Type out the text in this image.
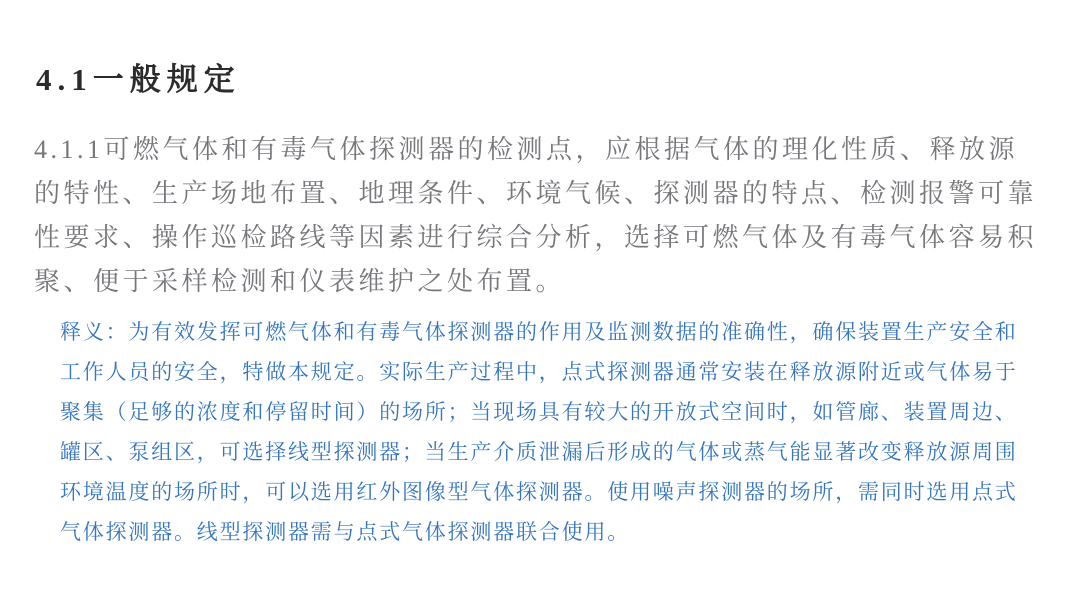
4.1一般规定
4.1.1可燃气体和有毒气体探测器的检测点，应根据气体的理化性质、释放源
的特性、生产场地布置、地理条件、环境气候、探测器的特点、检测报警可靠
性要求、操作巡检路线等因素进行综合分析，选择可燃气体及有毒气体容易积
聚、便于采样检测和仪表维护之处布置。
释义：为有效发挥可燃气体和有毒气体探测器的作用及监测数据的准确性，确保装置生产安全和
工作人员的安全，特做本规定。实际生产过程中，点式探测器通常安装在释放源附近或气体易于
聚集（足够的浓度和停留时间）的场所；当现场具有较大的开放式空间时，如管廊、装置周边、
罐区、泵组区，可选择线型探测器；当生产介质泄漏后形成的气体或蒸气能显著改变释放源周围
环境温度的场所时，可以选用红外图像型气体探测器。使用噪声探测器的场所，需同时选用点式
气体探测器。线型探测器需与点式气体探测器联合使用。
